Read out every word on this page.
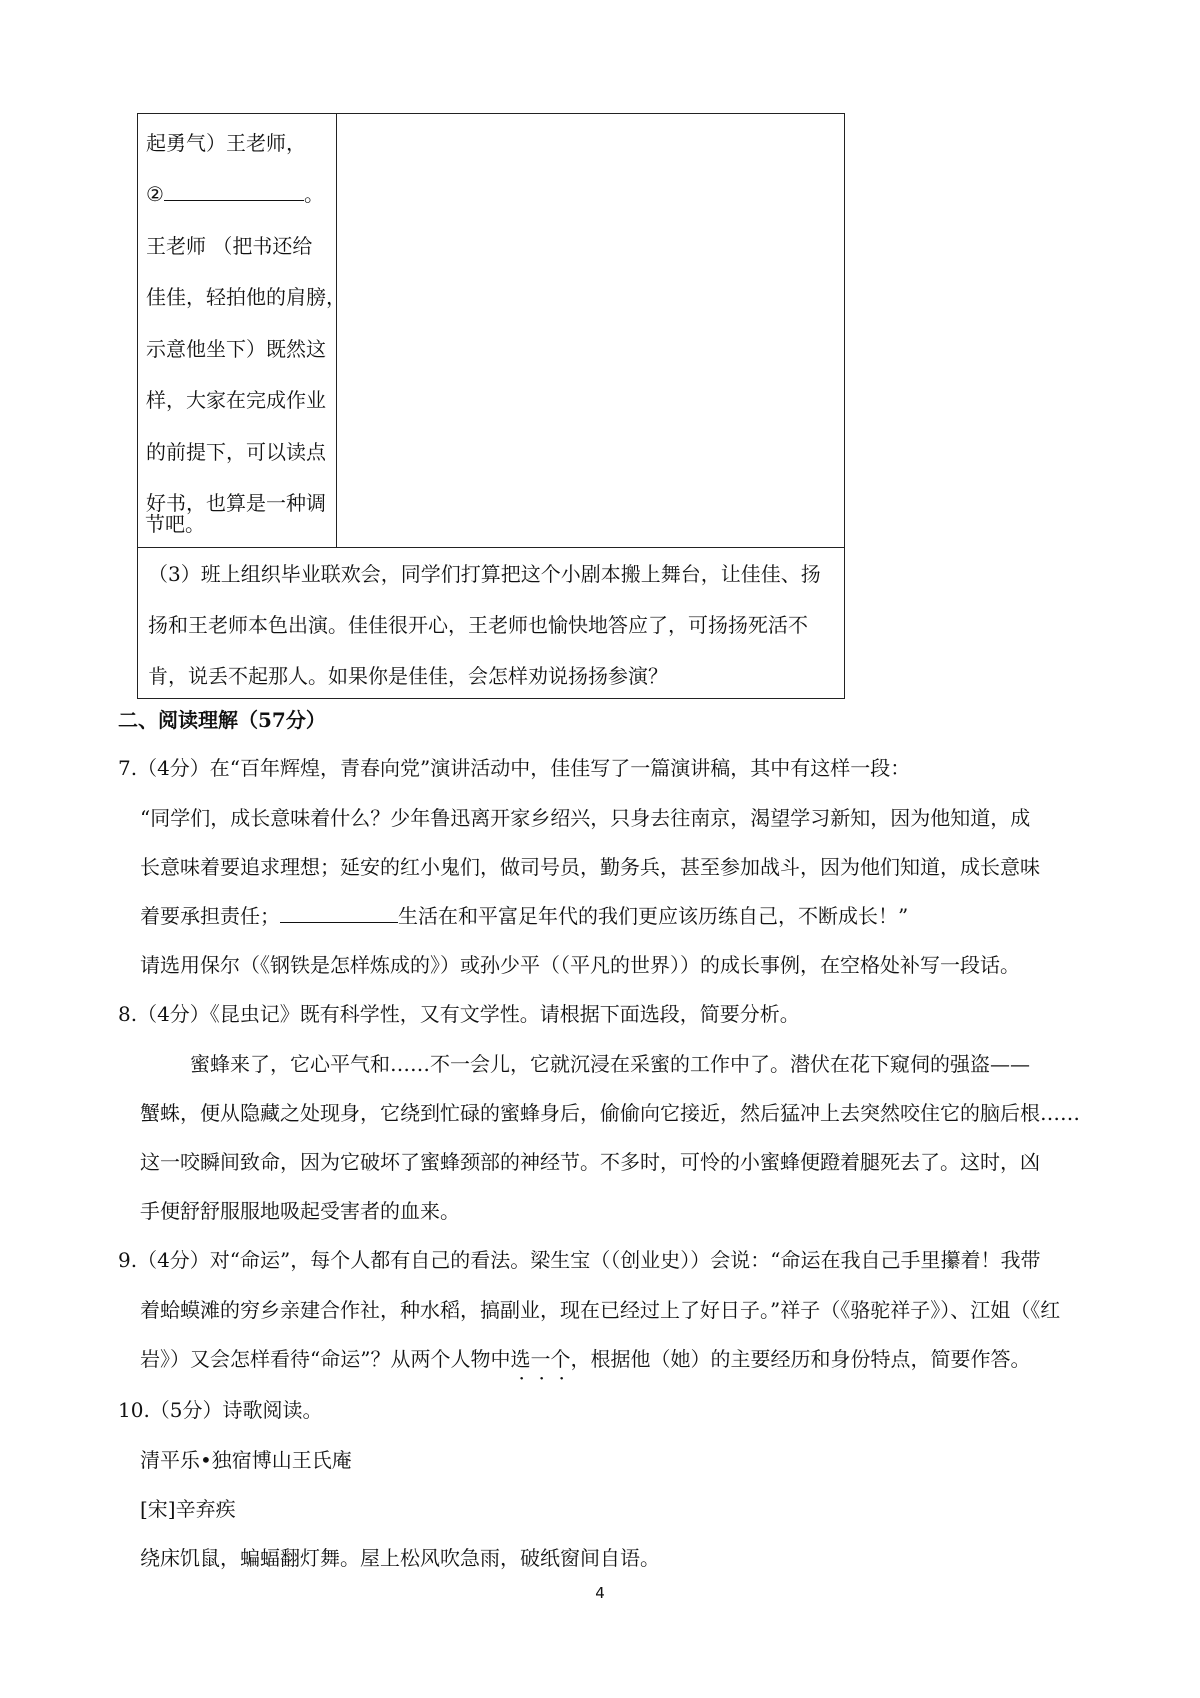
起勇气）王老师，
②	。
王老师 （把书还给
佳佳，轻拍他的肩膀，
示意他坐下）既然这
样，大家在完成作业
的前提下，可以读点
好书，也算是一种调
（3）班上组织毕业联欢会，同学们打算把这个小剧本搬上舞台，让佳佳、扬
扬和王老师本色出演。佳佳很开心，王老师也愉快地答应了，可扬扬死活不
肯，说丢不起那人。如果你是佳佳，会怎样劝说扬扬参演？
节吧。
二、阅读理解（57分）
7.（4分）在“百年辉煌，青春向党”演讲活动中，佳佳写了一篇演讲稿，其中有这样一段：
“同学们，成长意味着什么？少年鲁迅离开家乡绍兴，只身去往南京，渴望学习新知，因为他知道，成
长意味着要追求理想；延安的红小鬼们，做司号员，勤务兵，甚至参加战斗，因为他们知道，成长意味
着要承担责任；	生活在和平富足年代的我们更应该历练自己，不断成长！”
请选用保尔（《钢铁是怎样炼成的》）或孙少平（（平凡的世界））的成长事例，在空格处补写一段话。
8.（4分）《昆虫记》既有科学性，又有文学性。请根据下面选段，简要分析。
蜜蜂来了，它心平气和……不一会儿，它就沉浸在采蜜的工作中了。潜伏在花下窥伺的强盗——
蟹蛛，便从隐藏之处现身，它绕到忙碌的蜜蜂身后，偷偷向它接近，然后猛冲上去突然咬住它的脑后根……
这一咬瞬间致命，因为它破坏了蜜蜂颈部的神经节。不多时，可怜的小蜜蜂便蹬着腿死去了。这时，凶
手便舒舒服服地吸起受害者的血来。
9.（4分）对“命运”，每个人都有自己的看法。梁生宝（（创业史））会说：“命运在我自己手里攥着！我带
着蛤蟆滩的穷乡亲建合作社，种水稻，搞副业，现在已经过上了好日子。”祥子（《骆驼祥子》）、江姐（《红
岩》）又会怎样看待“命运”？从两个人物中选一个，根据他（她）的主要经历和身份特点，简要作答。
10.（5分）诗歌阅读。
清平乐•独宿博山王氏庵
[宋]辛弃疾
绕床饥鼠，蝙蝠翻灯舞。屋上松风吹急雨，破纸窗间自语。
4
